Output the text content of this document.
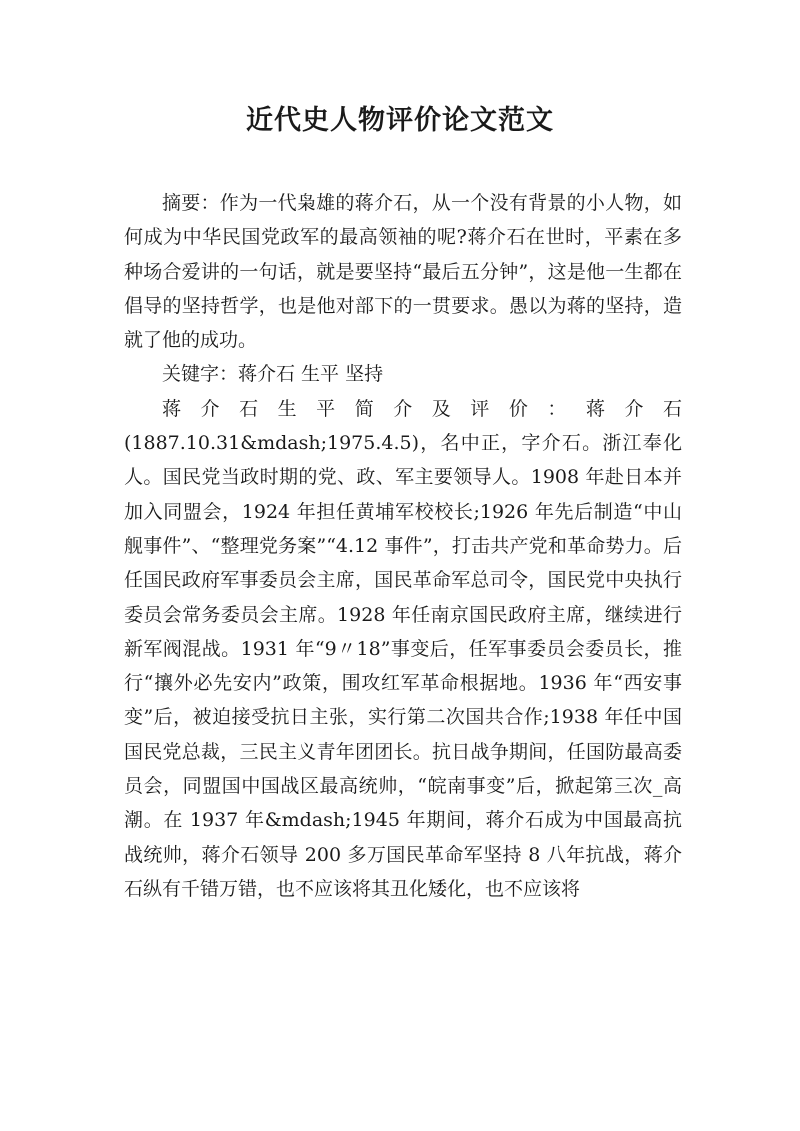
近代史人物评价论文范文

摘要：作为一代枭雄的蒋介石，从一个没有背景的小人物，如何成为中华民国党政军的最高领袖的呢?蒋介石在世时，平素在多种场合爱讲的一句话，就是要坚持“最后五分钟”，这是他一生都在倡导的坚持哲学，也是他对部下的一贯要求。愚以为蒋的坚持，造就了他的成功。

关键字：蒋介石 生平 坚持

蒋 介 石 生 平 简 介 及 评 价 ： 蒋 介 石

(1887.10.31&mdash;1975.4.5)，名中正，字介石。浙江奉化人。国民党当政时期的党、政、军主要领导人。1908 年赴日本并加入同盟会，1924 年担任黄埔军校校长;1926 年先后制造“中山舰事件”、“整理党务案”“4.12 事件”，打击共产党和革命势力。后任国民政府军事委员会主席，国民革命军总司令，国民党中央执行委员会常务委员会主席。1928 年任南京国民政府主席，继续进行新军阀混战。1931 年“9〃18”事变后，任军事委员会委员长，推行“攘外必先安内”政策，围攻红军革命根据地。1936 年“西安事变”后，被迫接受抗日主张，实行第二次国共合作;1938 年任中国国民党总裁，三民主义青年团团长。抗日战争期间，任国防最高委员会，同盟国中国战区最高统帅，“皖南事变”后，掀起第三次_高潮。在 1937 年&mdash;1945 年期间，蒋介石成为中国最高抗战统帅，蒋介石领导 200 多万国民革命军坚持 8 八年抗战，蒋介石纵有千错万错，也不应该将其丑化矮化，也不应该将
